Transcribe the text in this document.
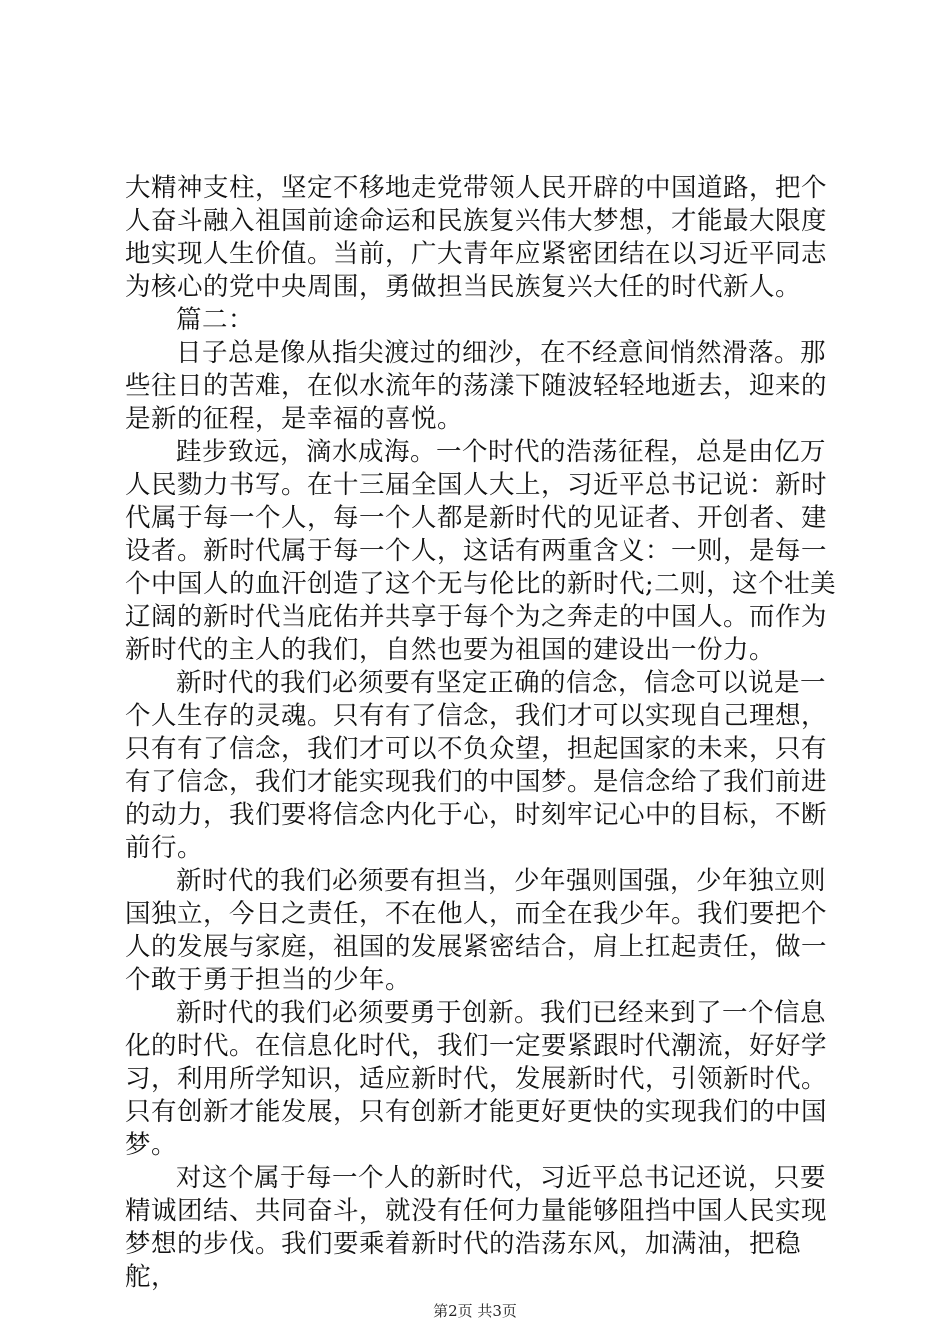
大精神支柱，坚定不移地走党带领人民开辟的中国道路，把个
人奋斗融入祖国前途命运和民族复兴伟大梦想，才能最大限度
地实现人生价值。当前，广大青年应紧密团结在以习近平同志
为核心的党中央周围，勇做担当民族复兴大任的时代新人。

篇二：

日子总是像从指尖渡过的细沙，在不经意间悄然滑落。那
些往日的苦难，在似水流年的荡漾下随波轻轻地逝去，迎来的
是新的征程，是幸福的喜悦。

跬步致远，滴水成海。一个时代的浩荡征程，总是由亿万
人民勠力书写。在十三届全国人大上，习近平总书记说：新时
代属于每一个人，每一个人都是新时代的见证者、开创者、建
设者。新时代属于每一个人，这话有两重含义：一则，是每一
个中国人的血汗创造了这个无与伦比的新时代;二则，这个壮美
辽阔的新时代当庇佑并共享于每个为之奔走的中国人。而作为
新时代的主人的我们，自然也要为祖国的建设出一份力。

新时代的我们必须要有坚定正确的信念，信念可以说是一
个人生存的灵魂。只有有了信念，我们才可以实现自己理想，
只有有了信念，我们才可以不负众望，担起国家的未来，只有
有了信念，我们才能实现我们的中国梦。是信念给了我们前进
的动力，我们要将信念内化于心，时刻牢记心中的目标，不断
前行。

新时代的我们必须要有担当，少年强则国强，少年独立则
国独立，今日之责任，不在他人，而全在我少年。我们要把个
人的发展与家庭，祖国的发展紧密结合，肩上扛起责任，做一
个敢于勇于担当的少年。

新时代的我们必须要勇于创新。我们已经来到了一个信息
化的时代。在信息化时代，我们一定要紧跟时代潮流，好好学
习，利用所学知识，适应新时代，发展新时代，引领新时代。
只有创新才能发展，只有创新才能更好更快的实现我们的中国
梦。

对这个属于每一个人的新时代，习近平总书记还说，只要
精诚团结、共同奋斗，就没有任何力量能够阻挡中国人民实现
梦想的步伐。我们要乘着新时代的浩荡东风，加满油，把稳舵，

第2页 共3页
